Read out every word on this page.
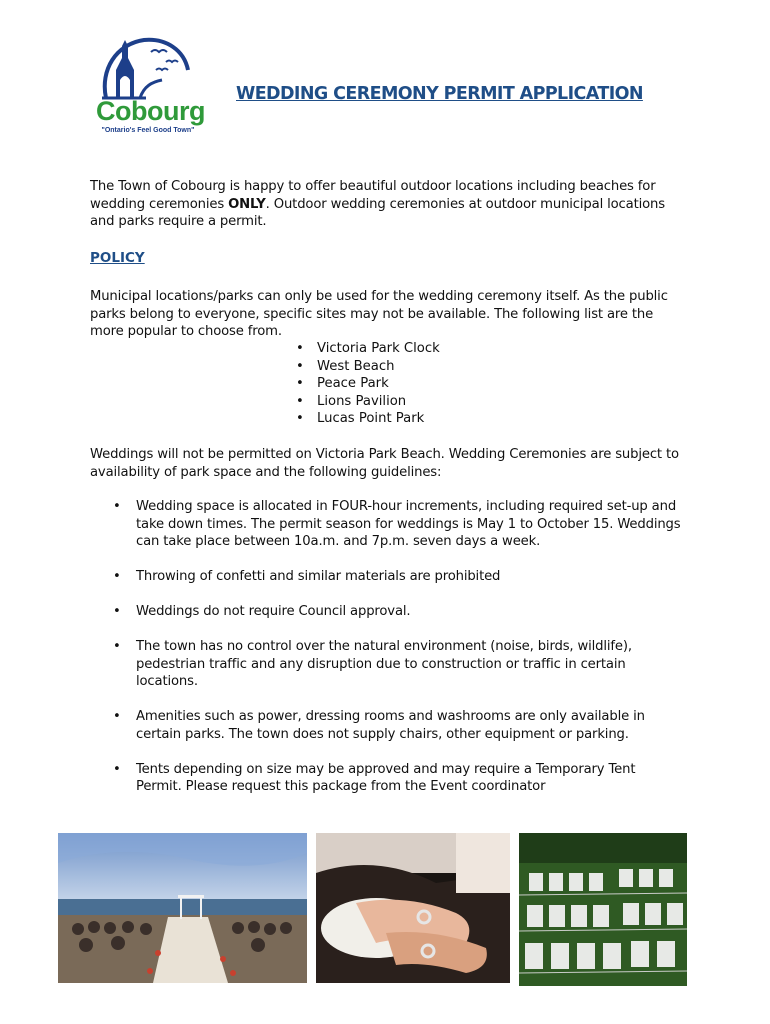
Cobourg
"Ontario's Feel Good Town"
WEDDING CEREMONY PERMIT APPLICATION
The Town of Cobourg is happy to offer beautiful outdoor locations including beaches for wedding ceremonies ONLY. Outdoor wedding ceremonies at outdoor municipal locations and parks require a permit.
POLICY
Municipal locations/parks can only be used for the wedding ceremony itself. As the public parks belong to everyone, specific sites may not be available. The following list are the more popular to choose from.
• Victoria Park Clock
• West Beach
• Peace Park
• Lions Pavilion
• Lucas Point Park
Weddings will not be permitted on Victoria Park Beach. Wedding Ceremonies are subject to availability of park space and the following guidelines:
• Wedding space is allocated in FOUR-hour increments, including required set-up and take down times. The permit season for weddings is May 1 to October 15. Weddings can take place between 10a.m. and 7p.m. seven days a week.
• Throwing of confetti and similar materials are prohibited
• Weddings do not require Council approval.
• The town has no control over the natural environment (noise, birds, wildlife), pedestrian traffic and any disruption due to construction or traffic in certain locations.
• Amenities such as power, dressing rooms and washrooms are only available in certain parks. The town does not supply chairs, other equipment or parking.
• Tents depending on size may be approved and may require a Temporary Tent Permit. Please request this package from the Event coordinator
